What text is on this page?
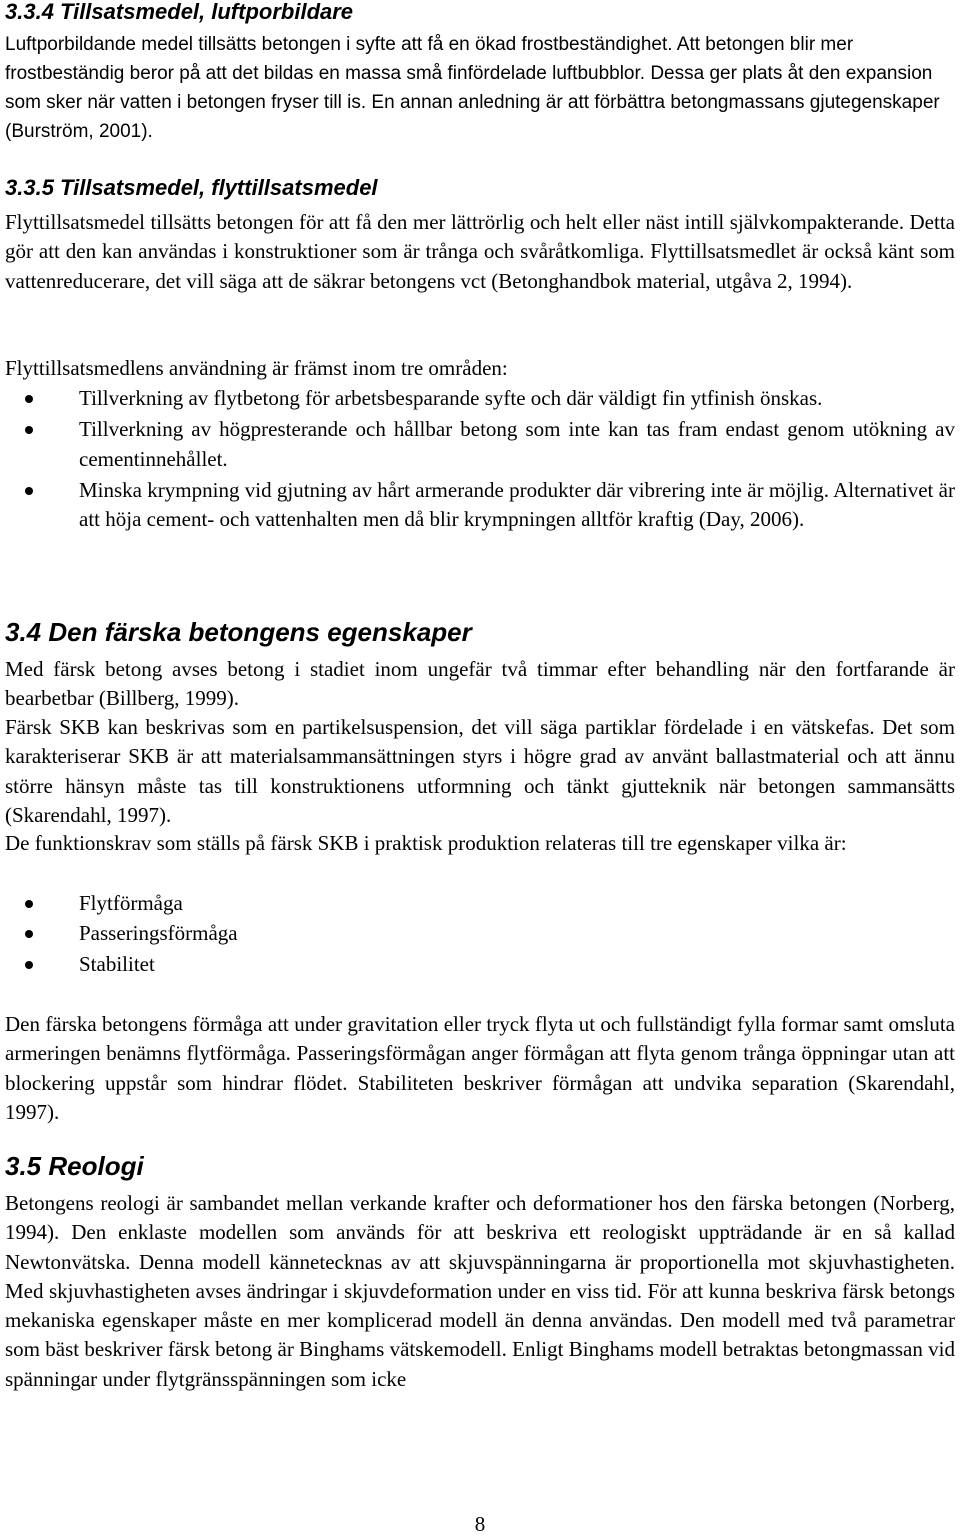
3.3.4 Tillsatsmedel, luftporbildare

Luftporbildande medel tillsätts betongen i syfte att få en ökad frostbeständighet. Att betongen blir mer frostbeständig beror på att det bildas en massa små finfördelade luftbubblor. Dessa ger plats åt den expansion som sker när vatten i betongen fryser till is. En annan anledning är att förbättra betongmassans gjutegenskaper (Burström, 2001).

3.3.5 Tillsatsmedel, flyttillsatsmedel

Flyttillsatsmedel tillsätts betongen för att få den mer lättrörlig och helt eller näst intill självkompakterande. Detta gör att den kan användas i konstruktioner som är trånga och svåråtkomliga. Flyttillsatsmedlet är också känt som vattenreducerare, det vill säga att de säkrar betongens vct (Betonghandbok material, utgåva 2, 1994).

Flyttillsatsmedlens användning är främst inom tre områden:

Tillverkning av flytbetong för arbetsbesparande syfte och där väldigt fin ytfinish önskas.
Tillverkning av högpresterande och hållbar betong som inte kan tas fram endast genom utökning av cementinnehållet.
Minska krympning vid gjutning av hårt armerande produkter där vibrering inte är möjlig. Alternativet är att höja cement- och vattenhalten men då blir krympningen alltför kraftig (Day, 2006).
3.4 Den färska betongens egenskaper

Med färsk betong avses betong i stadiet inom ungefär två timmar efter behandling när den fortfarande är bearbetbar (Billberg, 1999).

Färsk SKB kan beskrivas som en partikelsuspension, det vill säga partiklar fördelade i en vätskefas. Det som karakteriserar SKB är att materialsammansättningen styrs i högre grad av använt ballastmaterial och att ännu större hänsyn måste tas till konstruktionens utformning och tänkt gjutteknik när betongen sammansätts (Skarendahl, 1997).

De funktionskrav som ställs på färsk SKB i praktisk produktion relateras till tre egenskaper vilka är:

Flytförmåga
Passeringsförmåga
Stabilitet

Den färska betongens förmåga att under gravitation eller tryck flyta ut och fullständigt fylla formar samt omsluta armeringen benämns flytförmåga. Passeringsförmågan anger förmågan att flyta genom trånga öppningar utan att blockering uppstår som hindrar flödet. Stabiliteten beskriver förmågan att undvika separation (Skarendahl, 1997).

3.5 Reologi

Betongens reologi är sambandet mellan verkande krafter och deformationer hos den färska betongen (Norberg, 1994). Den enklaste modellen som används för att beskriva ett reologiskt uppträdande är en så kallad Newtonvätska. Denna modell kännetecknas av att skjuvspänningarna är proportionella mot skjuvhastigheten. Med skjuvhastigheten avses ändringar i skjuvdeformation under en viss tid. För att kunna beskriva färsk betongs mekaniska egenskaper måste en mer komplicerad modell än denna användas. Den modell med två parametrar som bäst beskriver färsk betong är Binghams vätskemodell. Enligt Binghams modell betraktas betongmassan vid spänningar under flytgränsspänningen som icke

8
